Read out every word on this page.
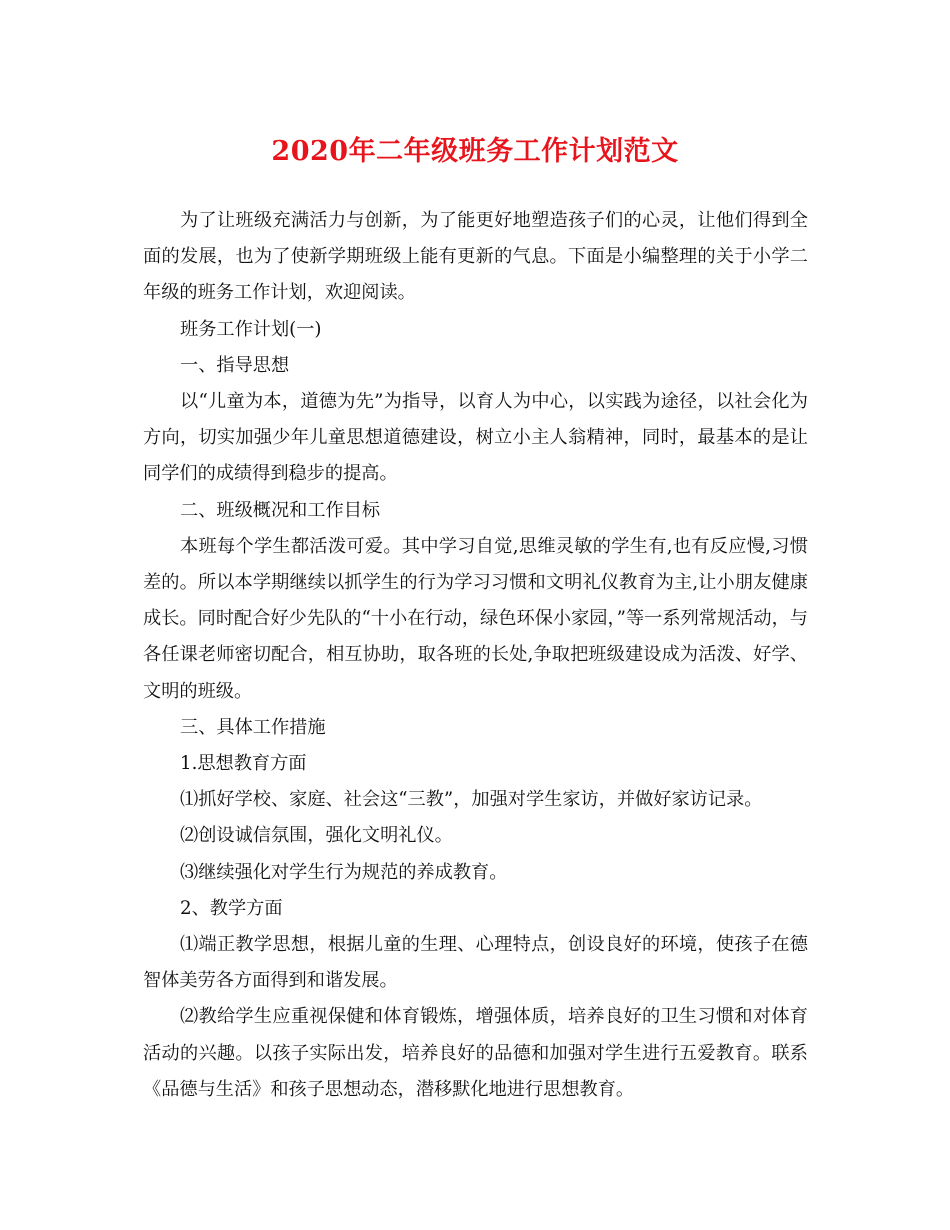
2020年二年级班务工作计划范文

为了让班级充满活力与创新，为了能更好地塑造孩子们的心灵，让他们得到全面的发展，也为了使新学期班级上能有更新的气息。下面是小编整理的关于小学二年级的班务工作计划，欢迎阅读。

班务工作计划(一)

一、指导思想

以“儿童为本，道德为先”为指导，以育人为中心，以实践为途径，以社会化为方向，切实加强少年儿童思想道德建设，树立小主人翁精神，同时，最基本的是让同学们的成绩得到稳步的提高。

二、班级概况和工作目标

本班每个学生都活泼可爱。其中学习自觉,思维灵敏的学生有,也有反应慢,习惯差的。所以本学期继续以抓学生的行为学习习惯和文明礼仪教育为主,让小朋友健康成长。同时配合好少先队的“十小在行动，绿色环保小家园，”等一系列常规活动，与各任课老师密切配合，相互协助，取各班的长处,争取把班级建设成为活泼、好学、文明的班级。

三、具体工作措施

1.思想教育方面

⑴抓好学校、家庭、社会这“三教”，加强对学生家访，并做好家访记录。

⑵创设诚信氛围，强化文明礼仪。

⑶继续强化对学生行为规范的养成教育。

2、教学方面

⑴端正教学思想，根据儿童的生理、心理特点，创设良好的环境，使孩子在德智体美劳各方面得到和谐发展。

⑵教给学生应重视保健和体育锻炼，增强体质，培养良好的卫生习惯和对体育活动的兴趣。以孩子实际出发，培养良好的品德和加强对学生进行五爱教育。联系《品德与生活》和孩子思想动态，潜移默化地进行思想教育。
